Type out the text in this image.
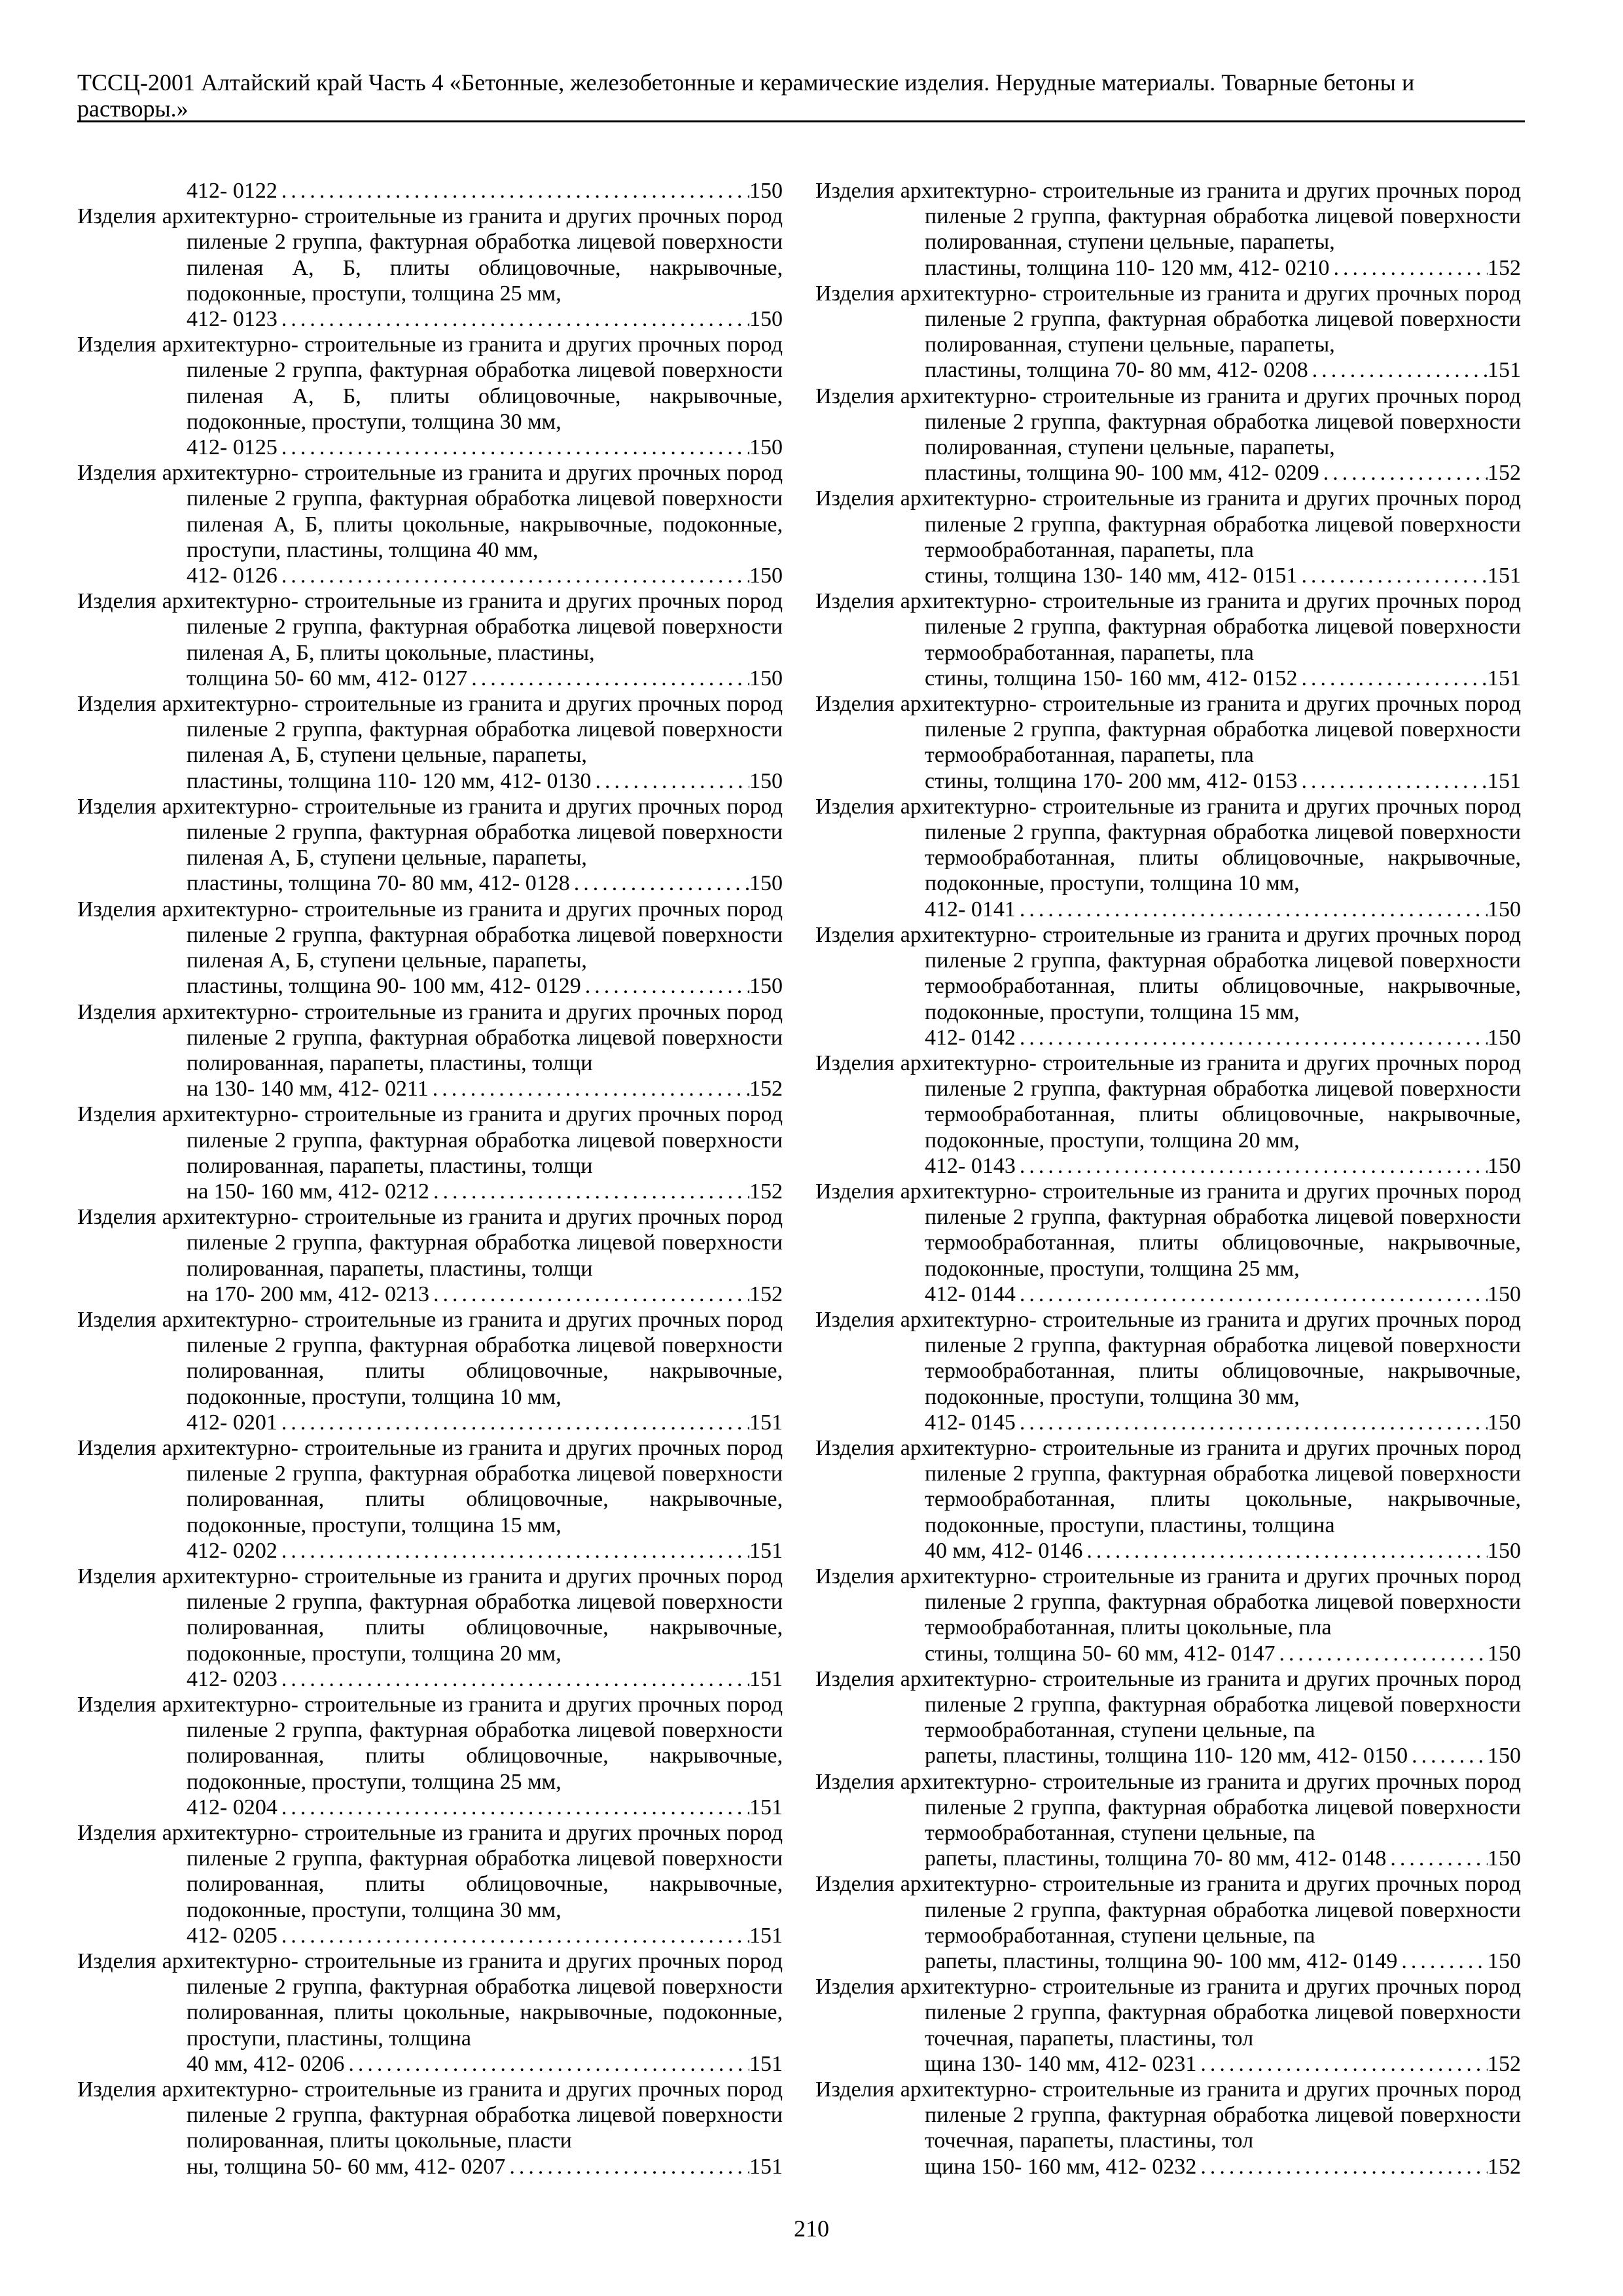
ТССЦ-2001 Алтайский край Часть 4 «Бетонные, железобетонные и керамические изделия. Нерудные материалы. Товарные бетоны и растворы.»
412- 0122 .....	150
Изделия архитектурно- строительные из гранита и других прочных пород пиленые 2 группа, фактурная обработка лицевой поверхности пиленая А, Б, плиты облицовочные, накрывочные, подоконные, проступи, толщина 25 мм,
412- 0123 .....	150
Изделия архитектурно- строительные из гранита и других прочных пород пиленые 2 группа, фактурная обработка лицевой поверхности пиленая А, Б, плиты облицовочные, накрывочные, подоконные, проступи, толщина 30 мм,
412- 0125 .....	150
Изделия архитектурно- строительные из гранита и других прочных пород пиленые 2 группа, фактурная обработка лицевой поверхности пиленая А, Б, плиты цокольные, накрывочные, подоконные, проступи, пластины, толщина 40 мм,
412- 0126 .....	150
Изделия архитектурно- строительные из гранита и других прочных пород пиленые 2 группа, фактурная обработка лицевой поверхности пиленая А, Б, плиты цокольные, пластины,
толщина 50- 60 мм, 412- 0127 .....	150
Изделия архитектурно- строительные из гранита и других прочных пород пиленые 2 группа, фактурная обработка лицевой поверхности пиленая А, Б, ступени цельные, парапеты,
пластины, толщина 110- 120 мм, 412- 0130 .....	150
Изделия архитектурно- строительные из гранита и других прочных пород пиленые 2 группа, фактурная обработка лицевой поверхности пиленая А, Б, ступени цельные, парапеты,
пластины, толщина 70- 80 мм, 412- 0128 .....	150
Изделия архитектурно- строительные из гранита и других прочных пород пиленые 2 группа, фактурная обработка лицевой поверхности пиленая А, Б, ступени цельные, парапеты,
пластины, толщина 90- 100 мм, 412- 0129 .....	150
Изделия архитектурно- строительные из гранита и других прочных пород пиленые 2 группа, фактурная обработка лицевой поверхности полированная, парапеты, пластины, толщи
на 130- 140 мм, 412- 0211 .....	152
Изделия архитектурно- строительные из гранита и других прочных пород пиленые 2 группа, фактурная обработка лицевой поверхности полированная, парапеты, пластины, толщи
на 150- 160 мм, 412- 0212 .....	152
Изделия архитектурно- строительные из гранита и других прочных пород пиленые 2 группа, фактурная обработка лицевой поверхности полированная, парапеты, пластины, толщи
на 170- 200 мм, 412- 0213 .....	152
Изделия архитектурно- строительные из гранита и других прочных пород пиленые 2 группа, фактурная обработка лицевой поверхности полированная, плиты облицовочные, накрывочные, подоконные, проступи, толщина 10 мм,
412- 0201 .....	151
Изделия архитектурно- строительные из гранита и других прочных пород пиленые 2 группа, фактурная обработка лицевой поверхности полированная, плиты облицовочные, накрывочные, подоконные, проступи, толщина 15 мм,
412- 0202 .....	151
Изделия архитектурно- строительные из гранита и других прочных пород пиленые 2 группа, фактурная обработка лицевой поверхности полированная, плиты облицовочные, накрывочные, подоконные, проступи, толщина 20 мм,
412- 0203 .....	151
Изделия архитектурно- строительные из гранита и других прочных пород пиленые 2 группа, фактурная обработка лицевой поверхности полированная, плиты облицовочные, накрывочные, подоконные, проступи, толщина 25 мм,
412- 0204 .....	151
Изделия архитектурно- строительные из гранита и других прочных пород пиленые 2 группа, фактурная обработка лицевой поверхности полированная, плиты облицовочные, накрывочные, подоконные, проступи, толщина 30 мм,
412- 0205 .....	151
Изделия архитектурно- строительные из гранита и других прочных пород пиленые 2 группа, фактурная обработка лицевой поверхности полированная, плиты цокольные, накрывочные, подоконные, проступи, пластины, толщина
40 мм, 412- 0206 .....	151
Изделия архитектурно- строительные из гранита и других прочных пород пиленые 2 группа, фактурная обработка лицевой поверхности полированная, плиты цокольные, пласти
ны, толщина 50- 60 мм, 412- 0207 .....	151
Изделия архитектурно- строительные из гранита и других прочных пород пиленые 2 группа, фактурная обработка лицевой поверхности полированная, ступени цельные, парапеты,
пластины, толщина 110- 120 мм, 412- 0210 .....	152
Изделия архитектурно- строительные из гранита и других прочных пород пиленые 2 группа, фактурная обработка лицевой поверхности полированная, ступени цельные, парапеты,
пластины, толщина 70- 80 мм, 412- 0208 .....	151
Изделия архитектурно- строительные из гранита и других прочных пород пиленые 2 группа, фактурная обработка лицевой поверхности полированная, ступени цельные, парапеты,
пластины, толщина 90- 100 мм, 412- 0209 .....	152
Изделия архитектурно- строительные из гранита и других прочных пород пиленые 2 группа, фактурная обработка лицевой поверхности термообработанная, парапеты, пла
стины, толщина 130- 140 мм, 412- 0151 .....	151
Изделия архитектурно- строительные из гранита и других прочных пород пиленые 2 группа, фактурная обработка лицевой поверхности термообработанная, парапеты, пла
стины, толщина 150- 160 мм, 412- 0152 .....	151
Изделия архитектурно- строительные из гранита и других прочных пород пиленые 2 группа, фактурная обработка лицевой поверхности термообработанная, парапеты, пла
стины, толщина 170- 200 мм, 412- 0153 .....	151
Изделия архитектурно- строительные из гранита и других прочных пород пиленые 2 группа, фактурная обработка лицевой поверхности термообработанная, плиты облицовочные, накрывочные, подоконные, проступи, толщина 10 мм,
412- 0141 .....	150
Изделия архитектурно- строительные из гранита и других прочных пород пиленые 2 группа, фактурная обработка лицевой поверхности термообработанная, плиты облицовочные, накрывочные, подоконные, проступи, толщина 15 мм,
412- 0142 .....	150
Изделия архитектурно- строительные из гранита и других прочных пород пиленые 2 группа, фактурная обработка лицевой поверхности термообработанная, плиты облицовочные, накрывочные, подоконные, проступи, толщина 20 мм,
412- 0143 .....	150
Изделия архитектурно- строительные из гранита и других прочных пород пиленые 2 группа, фактурная обработка лицевой поверхности термообработанная, плиты облицовочные, накрывочные, подоконные, проступи, толщина 25 мм,
412- 0144 .....	150
Изделия архитектурно- строительные из гранита и других прочных пород пиленые 2 группа, фактурная обработка лицевой поверхности термообработанная, плиты облицовочные, накрывочные, подоконные, проступи, толщина 30 мм,
412- 0145 .....	150
Изделия архитектурно- строительные из гранита и других прочных пород пиленые 2 группа, фактурная обработка лицевой поверхности термообработанная, плиты цокольные, накрывочные, подоконные, проступи, пластины, толщина
40 мм, 412- 0146 .....	150
Изделия архитектурно- строительные из гранита и других прочных пород пиленые 2 группа, фактурная обработка лицевой поверхности термообработанная, плиты цокольные, пла
стины, толщина 50- 60 мм, 412- 0147 .....	150
Изделия архитектурно- строительные из гранита и других прочных пород пиленые 2 группа, фактурная обработка лицевой поверхности термообработанная, ступени цельные, па
рапеты, пластины, толщина 110- 120 мм, 412- 0150 .....	150
Изделия архитектурно- строительные из гранита и других прочных пород пиленые 2 группа, фактурная обработка лицевой поверхности термообработанная, ступени цельные, па
рапеты, пластины, толщина 70- 80 мм, 412- 0148 .....	150
Изделия архитектурно- строительные из гранита и других прочных пород пиленые 2 группа, фактурная обработка лицевой поверхности термообработанная, ступени цельные, па
рапеты, пластины, толщина 90- 100 мм, 412- 0149 .....	150
Изделия архитектурно- строительные из гранита и других прочных пород пиленые 2 группа, фактурная обработка лицевой поверхности точечная, парапеты, пластины, тол
щина 130- 140 мм, 412- 0231 .....	152
Изделия архитектурно- строительные из гранита и других прочных пород пиленые 2 группа, фактурная обработка лицевой поверхности точечная, парапеты, пластины, тол
щина 150- 160 мм, 412- 0232 .....	152
210
